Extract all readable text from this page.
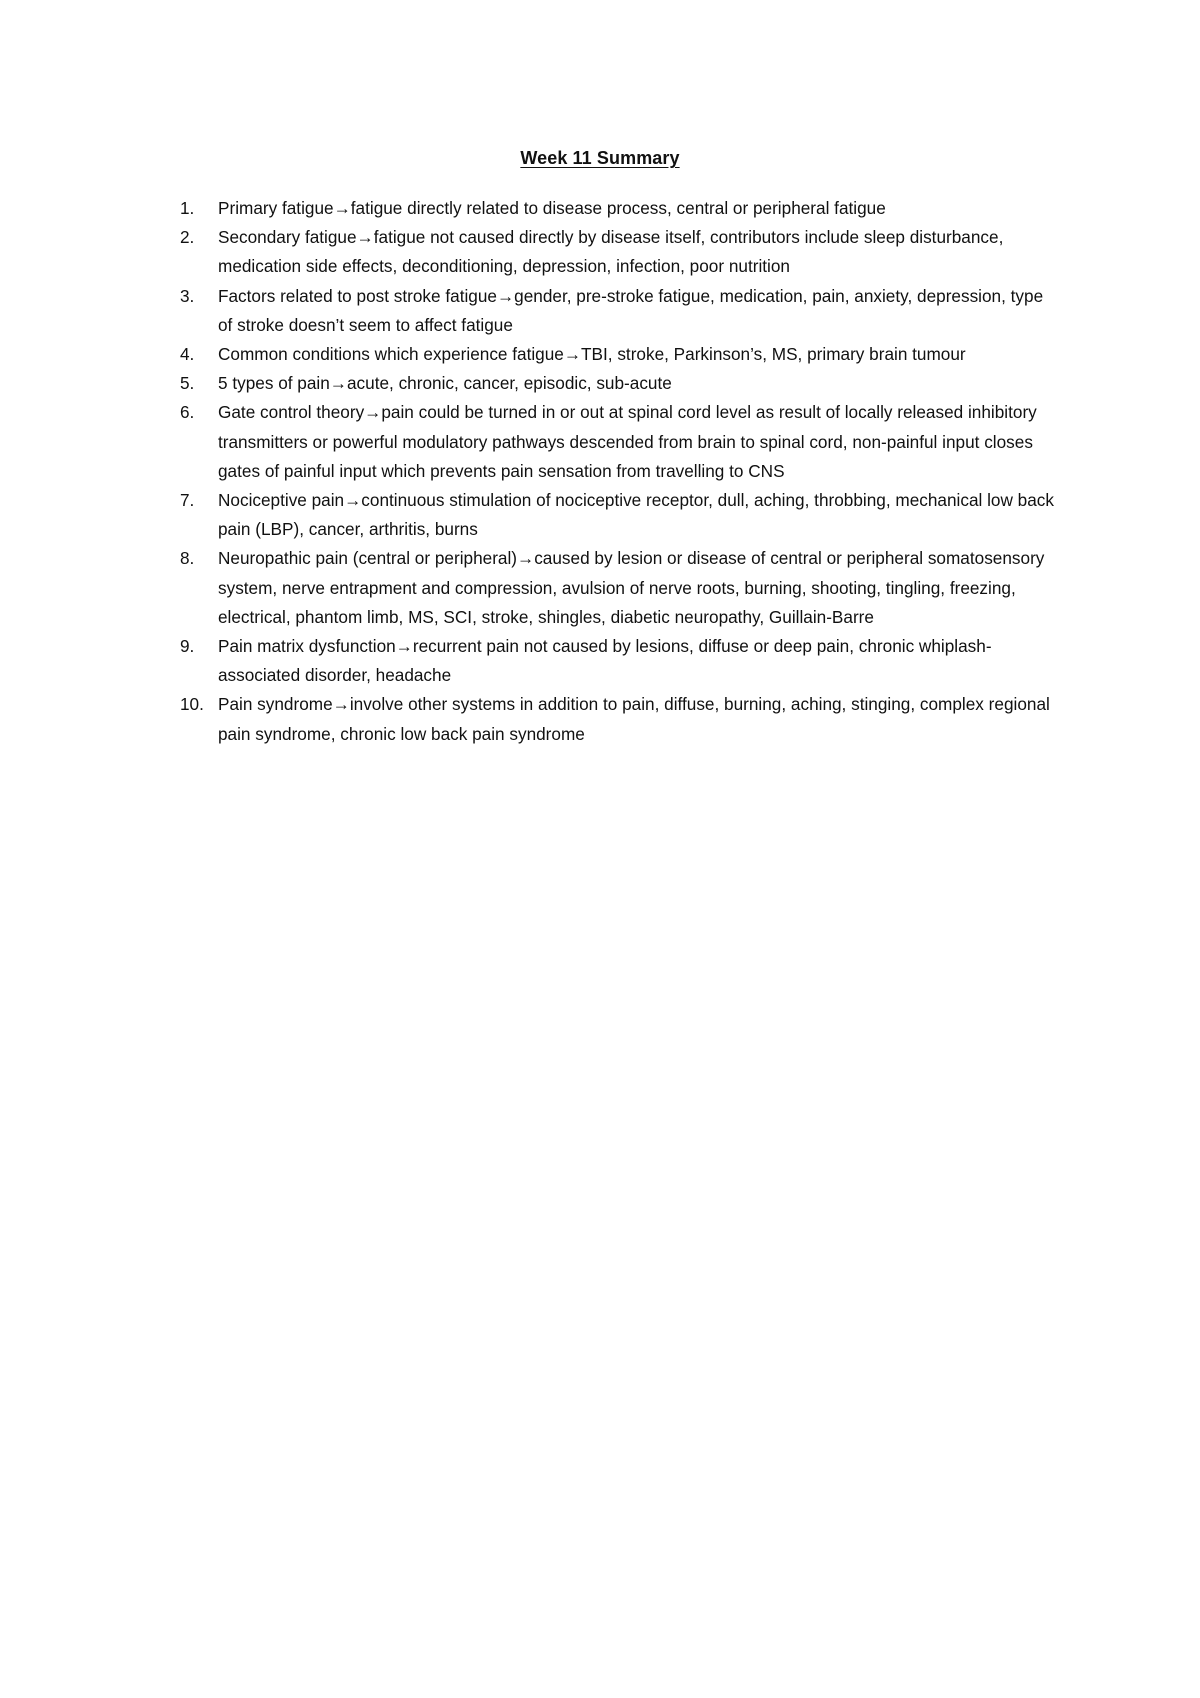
Week 11 Summary
1.	Primary fatigue→fatigue directly related to disease process, central or peripheral fatigue
2.	Secondary fatigue→fatigue not caused directly by disease itself, contributors include sleep disturbance, medication side effects, deconditioning, depression, infection, poor nutrition
3.	Factors related to post stroke fatigue→gender, pre-stroke fatigue, medication, pain, anxiety, depression, type of stroke doesn’t seem to affect fatigue
4.	Common conditions which experience fatigue→TBI, stroke, Parkinson’s, MS, primary brain tumour
5.	5 types of pain→acute, chronic, cancer, episodic, sub-acute
6.	Gate control theory→pain could be turned in or out at spinal cord level as result of locally released inhibitory transmitters or powerful modulatory pathways descended from brain to spinal cord, non-painful input closes gates of painful input which prevents pain sensation from travelling to CNS
7.	Nociceptive pain→continuous stimulation of nociceptive receptor, dull, aching, throbbing, mechanical low back pain (LBP), cancer, arthritis, burns
8.	Neuropathic pain (central or peripheral)→caused by lesion or disease of central or peripheral somatosensory system, nerve entrapment and compression, avulsion of nerve roots, burning, shooting, tingling, freezing, electrical, phantom limb, MS, SCI, stroke, shingles, diabetic neuropathy, Guillain-Barre
9.	Pain matrix dysfunction→recurrent pain not caused by lesions, diffuse or deep pain, chronic whiplash-associated disorder, headache
10. Pain syndrome→involve other systems in addition to pain, diffuse, burning, aching, stinging, complex regional pain syndrome, chronic low back pain syndrome
